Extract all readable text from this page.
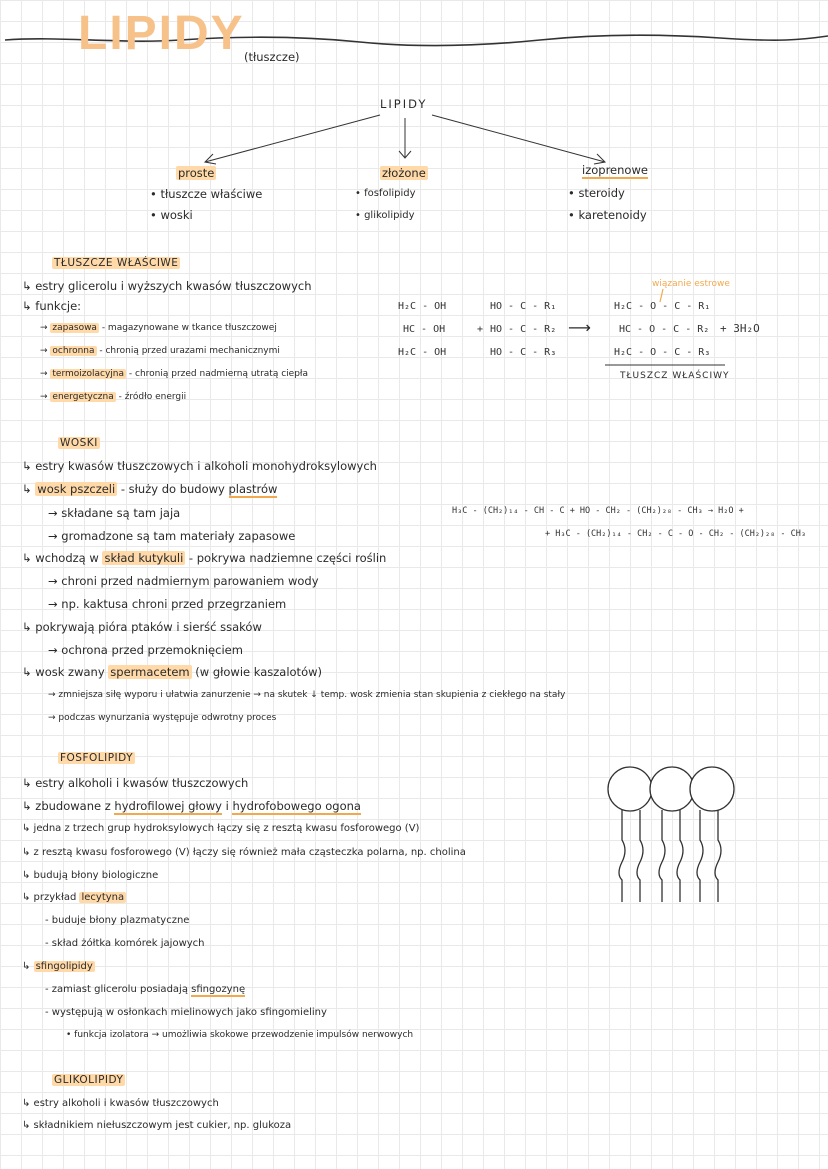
LIPIDY (tłuszcze)
LIPIDY
proste
• tłuszcze właściwe
• woski
złożone
• fosfolipidy
• glikolipidy
izoprenowe
• steroidy
• karetenoidy
TŁUSZCZE WŁAŚCIWE
↳ estry glicerolu i wyższych kwasów tłuszczowych
↳ funkcje:
→ zapasowa - magazynowane w tkance tłuszczowej
→ ochronna - chronią przed urazami mechanicznymi
→ termoizolacyjna - chronią przed nadmierną utratą ciepła
→ energetyczna - źródło energii
H₂C - OH
HC - OH
H₂C - OH
+
HO - C - R₁
HO - C - R₂
HO - C - R₃
⟶
wiązanie estrowe
H₂C - O - C - R₁
HC - O - C - R₂
H₂C - O - C - R₃
+ 3H₂O
TŁUSZCZ WŁAŚCIWY
WOSKI
↳ estry kwasów tłuszczowych i alkoholi monohydroksylowych
↳ wosk pszczeli - służy do budowy plastrów
→ składane są tam jaja
→ gromadzone są tam materiały zapasowe
↳ wchodzą w skład kutykuli - pokrywa nadziemne części roślin
→ chroni przed nadmiernym parowaniem wody
→ np. kaktusa chroni przed przegrzaniem
↳ pokrywają pióra ptaków i sierść ssaków
→ ochrona przed przemoknięciem
↳ wosk zwany spermacetem (w głowie kaszalotów)
→ zmniejsza siłę wyporu i ułatwia zanurzenie → na skutek ↓ temp. wosk zmienia stan skupienia z ciekłego na stały
→ podczas wynurzania występuje odwrotny proces
H₃C - (CH₂)₁₄ - CH - C + HO - CH₂ - (CH₂)₂₈ - CH₃ → H₂O +
+ H₃C - (CH₂)₁₄ - CH₂ - C - O - CH₂ - (CH₂)₂₈ - CH₃
FOSFOLIPIDY
↳ estry alkoholi i kwasów tłuszczowych
↳ zbudowane z hydrofilowej głowy i hydrofobowego ogona
↳ jedna z trzech grup hydroksylowych łączy się z resztą kwasu fosforowego (V)
↳ z resztą kwasu fosforowego (V) łączy się również mała cząsteczka polarna, np. cholina
↳ budują błony biologiczne
↳ przykład lecytyna
- buduje błony plazmatyczne
- skład żółtka komórek jajowych
↳ sfingolipidy
- zamiast glicerolu posiadają sfingozynę
- występują w osłonkach mielinowych jako sfingomieliny
• funkcja izolatora → umożliwia skokowe przewodzenie impulsów nerwowych
GLIKOLIPIDY
↳ estry alkoholi i kwasów tłuszczowych
↳ składnikiem niełuszczowym jest cukier, np. glukoza
